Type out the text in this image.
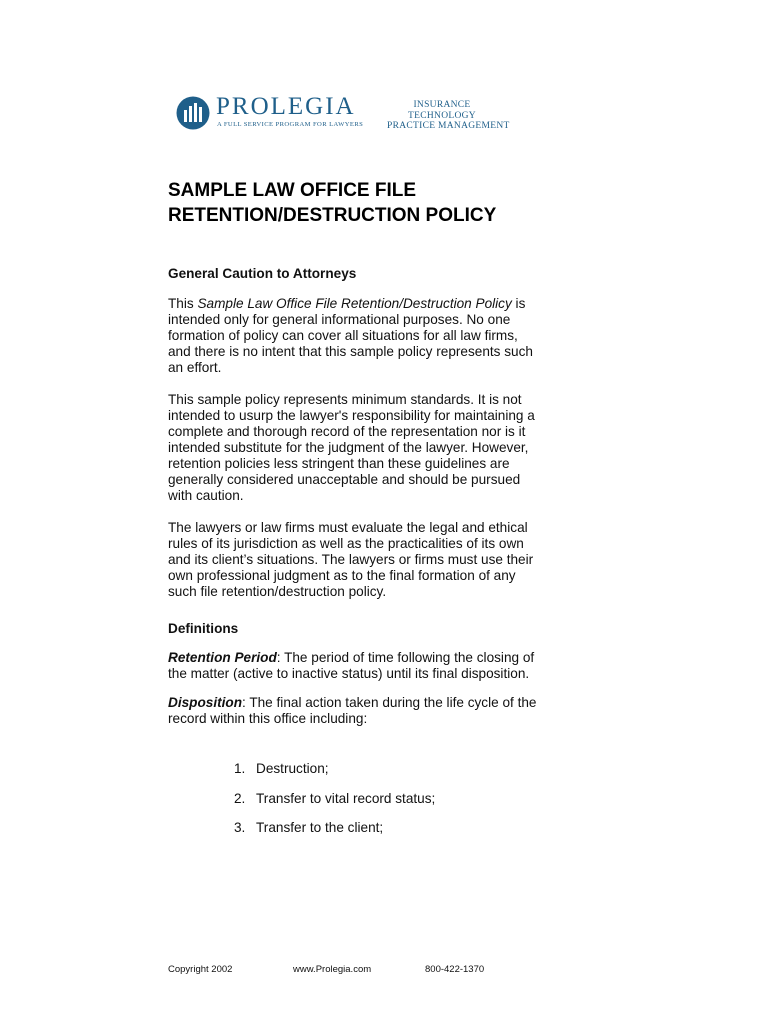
PROLEGIA
A FULL SERVICE PROGRAM FOR LAWYERS
INSURANCE
TECHNOLOGY
PRACTICE MANAGEMENT
SAMPLE LAW OFFICE FILE
RETENTION/DESTRUCTION POLICY

General Caution to Attorneys

This Sample Law Office File Retention/Destruction Policy is intended only for general informational purposes. No one formation of policy can cover all situations for all law firms, and there is no intent that this sample policy represents such an effort.

This sample policy represents minimum standards. It is not intended to usurp the lawyer's responsibility for maintaining a complete and thorough record of the representation nor is it intended substitute for the judgment of the lawyer. However, retention policies less stringent than these guidelines are generally considered unacceptable and should be pursued with caution.

The lawyers or law firms must evaluate the legal and ethical rules of its jurisdiction as well as the practicalities of its own and its client’s situations. The lawyers or firms must use their own professional judgment as to the final formation of any such file retention/destruction policy.

Definitions

Retention Period: The period of time following the closing of the matter (active to inactive status) until its final disposition.

Disposition: The final action taken during the life cycle of the record within this office including:

1. Destruction;
2. Transfer to vital record status;
3. Transfer to the client;
Copyright 2002	www.Prolegia.com	800-422-1370
